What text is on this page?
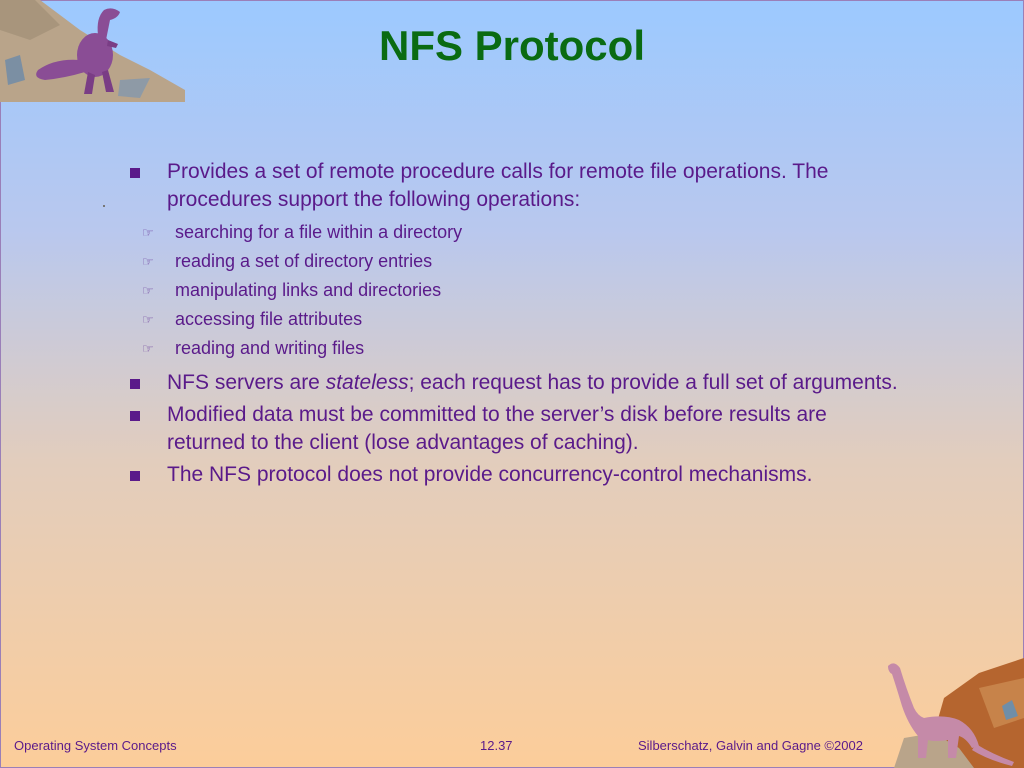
NFS Protocol
Provides a set of remote procedure calls for remote file operations. The procedures support the following operations:
☞ searching for a file within a directory
☞ reading a set of directory entries
☞ manipulating links and directories
☞ accessing file attributes
☞ reading and writing files
NFS servers are stateless; each request has to provide a full set of arguments.
Modified data must be committed to the server’s disk before results are returned to the client (lose advantages of caching).
The NFS protocol does not provide concurrency-control mechanisms.
Operating System Concepts	12.37	Silberschatz, Galvin and Gagne ©2002
